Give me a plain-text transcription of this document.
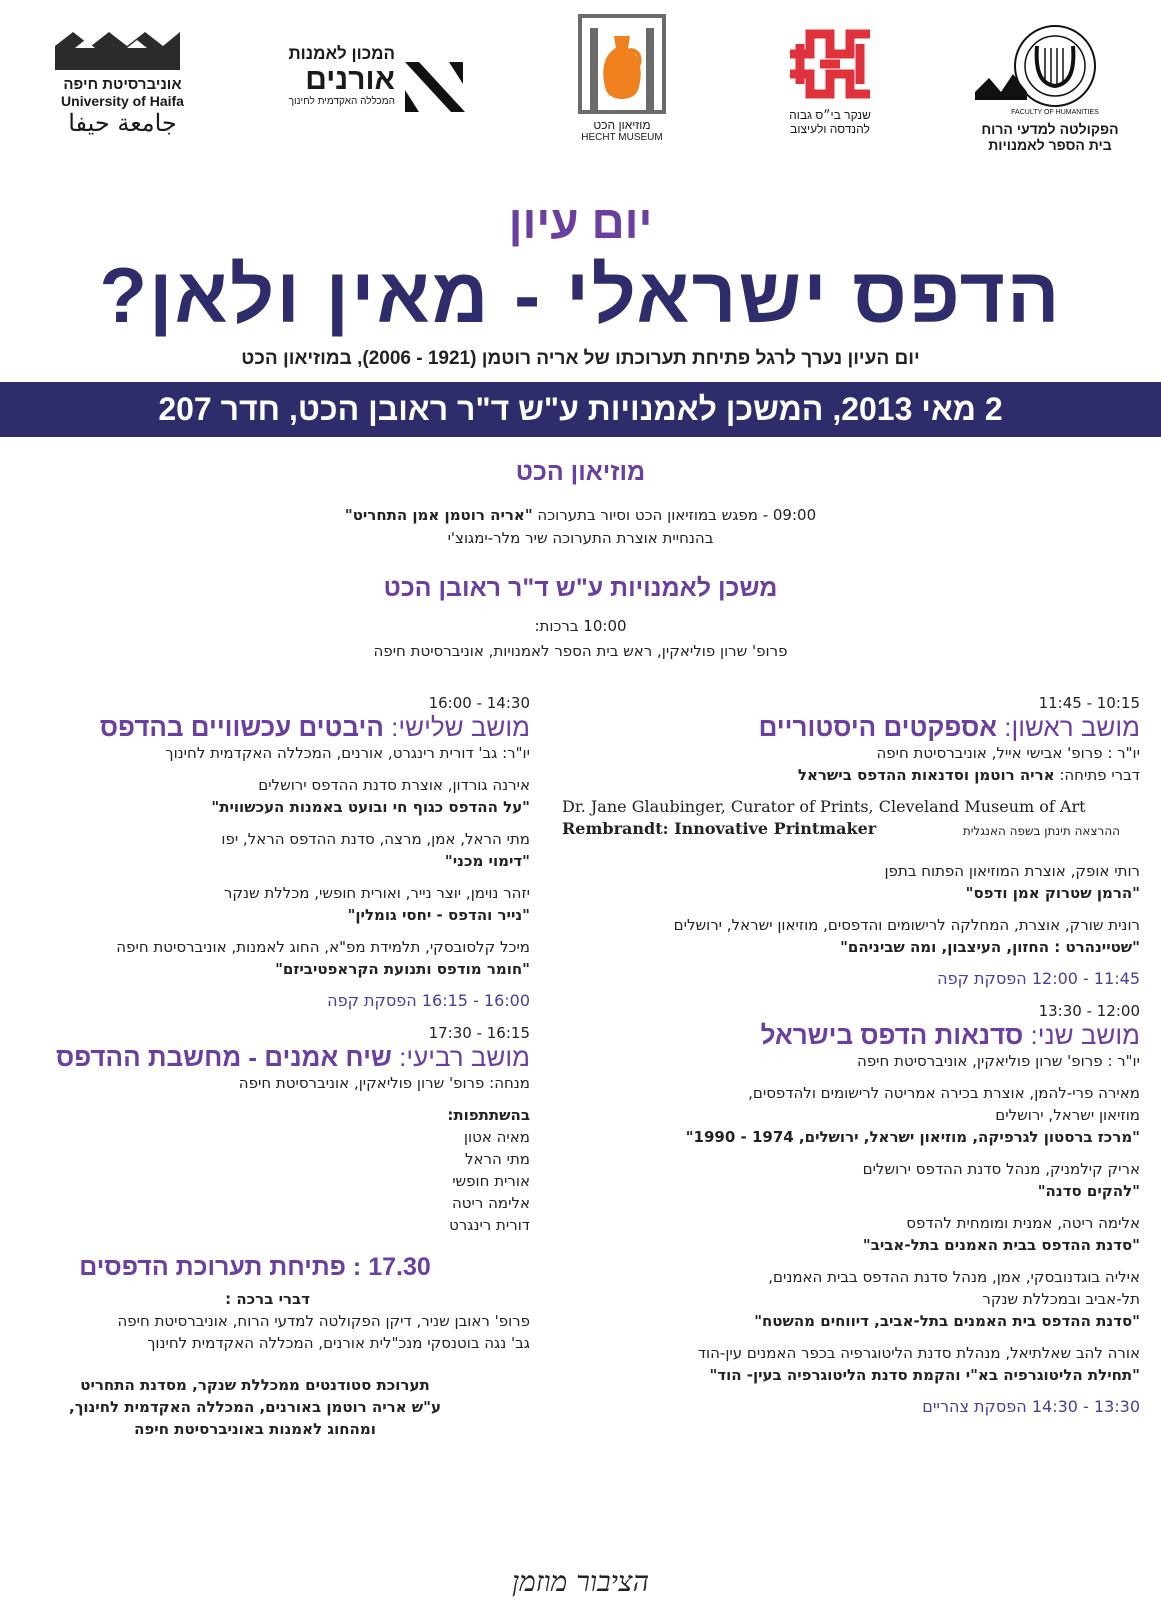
אוניברסיטת חיפה
University of Haifa
جامعة حيفا
המכון לאמנות
אורנים
המכללה האקדמית לחינוך
מוזיאון הכט
HECHT MUSEUM
שנקר בי״ס גבוה
להנדסה ולעיצוב
FACULTY OF HUMANITIES
הפקולטה למדעי הרוח
בית הספר לאמנויות
יום עיון
הדפס ישראלי - מאין ולאן?
יום העיון נערך לרגל פתיחת תערוכתו של אריה רוטמן (1921 - 2006), במוזיאון הכט
2 מאי 2013, המשכן לאמנויות ע"ש ד"ר ראובן הכט, חדר 207
מוזיאון הכט
09:00 - מפגש במוזיאון הכט וסיור בתערוכה "אריה רוטמן אמן התחריט"
בהנחיית אוצרת התערוכה שיר מלר-ימגוצ'י
משכן לאמנויות ע"ש ד"ר ראובן הכט
10:00 ברכות:
פרופ' שרון פוליאקין, ראש בית הספר לאמנויות, אוניברסיטת חיפה
10:15 - 11:45
מושב ראשון: אספקטים היסטוריים
יו"ר : פרופ' אבישי אייל, אוניברסיטת חיפה
דברי פתיחה: אריה רוטמן וסדנאות ההדפס בישראל
Dr. Jane Glaubinger, Curator of Prints, Cleveland Museum of Art
Rembrandt: Innovative Printmaker	ההרצאה תינתן בשפה האנגלית
רותי אופק, אוצרת המוזיאון הפתוח בתפן
"הרמן שטרוק אמן ודפס"
רונית שורק, אוצרת, המחלקה לרישומים והדפסים, מוזיאון ישראל, ירושלים
"שטיינהרט : החזון, העיצבון, ומה שביניהם"
11:45 - 12:00 הפסקת קפה
12:00 - 13:30
מושב שני: סדנאות הדפס בישראל
יו"ר : פרופ' שרון פוליאקין, אוניברסיטת חיפה
מאירה פרי-להמן, אוצרת בכירה אמריטה לרישומים ולהדפסים,
מוזיאון ישראל, ירושלים
"מרכז ברסטון לגרפיקה, מוזיאון ישראל, ירושלים, 1974 - 1990"
אריק קילמניק, מנהל סדנת ההדפס ירושלים
"להקים סדנה"
אלימה ריטה, אמנית ומומחית להדפס
"סדנת ההדפס בבית האמנים בתל-אביב"
איליה בוגדנובסקי, אמן, מנהל סדנת ההדפס בבית האמנים,
תל-אביב ובמכללת שנקר
"סדנת ההדפס בית האמנים בתל-אביב, דיווחים מהשטח"
אורה להב שאלתיאל, מנהלת סדנת הליטוגרפיה בכפר האמנים עין-הוד
"תחילת הליטוגרפיה בא"י והקמת סדנת הליטוגרפיה בעין- הוד"
13:30 - 14:30 הפסקת צהריים
14:30 - 16:00
מושב שלישי: היבטים עכשוויים בהדפס
יו"ר: גב' דורית רינגרט, אורנים, המכללה האקדמית לחינוך
אירנה גורדון, אוצרת סדנת ההדפס ירושלים
"על ההדפס כגוף חי ובועט באמנות העכשווית"
מתי הראל, אמן, מרצה, סדנת ההדפס הראל, יפו
"דימוי מכני"
יזהר נוימן, יוצר נייר, ואורית חופשי, מכללת שנקר
"נייר והדפס - יחסי גומלין"
מיכל קלסובסקי, תלמידת מפ"א, החוג לאמנות, אוניברסיטת חיפה
"חומר מודפס ותנועת הקראפטיביזם"
16:00 - 16:15 הפסקת קפה
16:15 - 17:30
מושב רביעי: שיח אמנים - מחשבת ההדפס
מנחה: פרופ' שרון פוליאקין, אוניברסיטת חיפה
בהשתתפות:
מאיה אטון
מתי הראל
אורית חופשי
אלימה ריטה
דורית רינגרט
17.30 : פתיחת תערוכת הדפסים
דברי ברכה :
פרופ' ראובן שניר, דיקן הפקולטה למדעי הרוח, אוניברסיטת חיפה
גב' נגה בוטנסקי מנכ"לית אורנים, המכללה האקדמית לחינוך
תערוכת סטודנטים ממכללת שנקר, מסדנת התחריט
ע"ש אריה רוטמן באורנים, המכללה האקדמית לחינוך,
ומהחוג לאמנות באוניברסיטת חיפה
הציבור מוזמן
